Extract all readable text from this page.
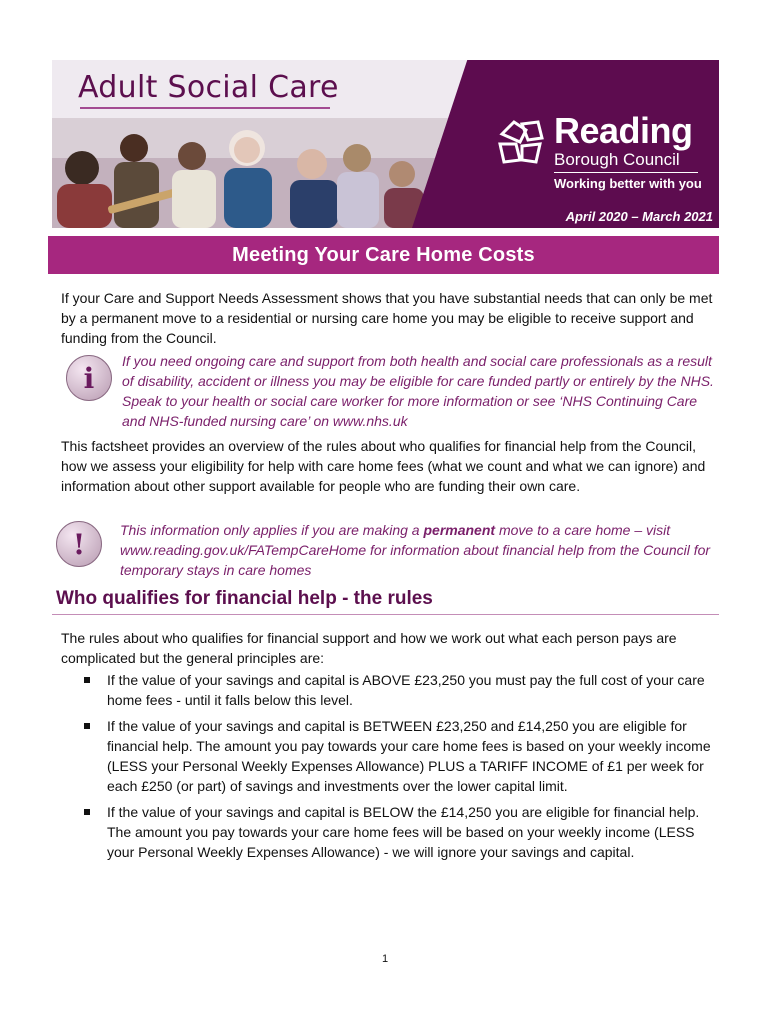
Adult Social Care
Reading
Borough Council
Working better with you
April 2020 – March 2021
Meeting Your Care Home Costs
If your Care and Support Needs Assessment shows that you have substantial needs that can only be met by a permanent move to a residential or nursing care home you may be eligible to receive support and funding from the Council.
i
If you need ongoing care and support from both health and social care professionals as a result of disability, accident or illness you may be eligible for care funded partly or entirely by the NHS. Speak to your health or social care worker for more information or see ‘NHS Continuing Care and NHS-funded nursing care’ on www.nhs.uk
This factsheet provides an overview of the rules about who qualifies for financial help from the Council, how we assess your eligibility for help with care home fees (what we count and what we can ignore) and information about other support available for people who are funding their own care.
! This information only applies if you are making a permanent move to a care home – visit www.reading.gov.uk/FATempCareHome for information about financial help from the Council for temporary stays in care homes
Who qualifies for financial help - the rules
The rules about who qualifies for financial support and how we work out what each person pays are complicated but the general principles are:
If the value of your savings and capital is ABOVE £23,250 you must pay the full cost of your care home fees - until it falls below this level.
If the value of your savings and capital is BETWEEN £23,250 and £14,250 you are eligible for financial help. The amount you pay towards your care home fees is based on your weekly income (LESS your Personal Weekly Expenses Allowance) PLUS a TARIFF INCOME of £1 per week for each £250 (or part) of savings and investments over the lower capital limit.
If the value of your savings and capital is BELOW the £14,250 you are eligible for financial help. The amount you pay towards your care home fees will be based on your weekly income (LESS your Personal Weekly Expenses Allowance) - we will ignore your savings and capital.
1
